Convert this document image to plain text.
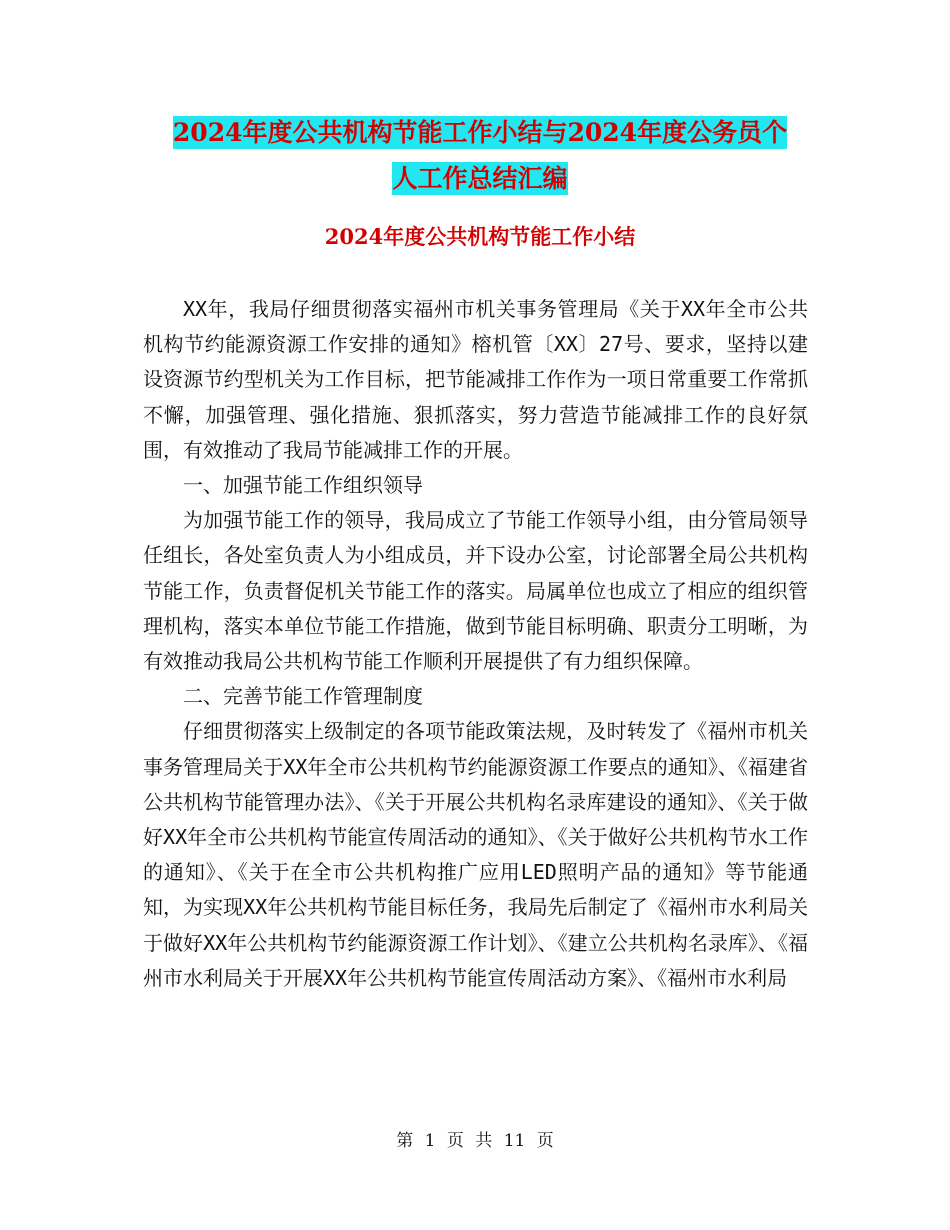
2024年度公共机构节能工作小结与2024年度公务员个
人工作总结汇编
2024年度公共机构节能工作小结

XX年，我局仔细贯彻落实福州市机关事务管理局《关于XX年全市公共机构节约能源资源工作安排的通知》榕机管〔XX〕27号、要求，坚持以建设资源节约型机关为工作目标，把节能减排工作作为一项日常重要工作常抓不懈，加强管理、强化措施、狠抓落实，努力营造节能减排工作的良好氛围，有效推动了我局节能减排工作的开展。

一、加强节能工作组织领导

为加强节能工作的领导，我局成立了节能工作领导小组，由分管局领导任组长，各处室负责人为小组成员，并下设办公室，讨论部署全局公共机构节能工作，负责督促机关节能工作的落实。局属单位也成立了相应的组织管理机构，落实本单位节能工作措施，做到节能目标明确、职责分工明晰，为有效推动我局公共机构节能工作顺利开展提供了有力组织保障。

二、完善节能工作管理制度

仔细贯彻落实上级制定的各项节能政策法规，及时转发了《福州市机关事务管理局关于XX年全市公共机构节约能源资源工作要点的通知》、《福建省公共机构节能管理办法》、《关于开展公共机构名录库建设的通知》、《关于做好XX年全市公共机构节能宣传周活动的通知》、《关于做好公共机构节水工作的通知》、《关于在全市公共机构推广应用LED照明产品的通知》等节能通知，为实现XX年公共机构节能目标任务，我局先后制定了《福州市水利局关于做好XX年公共机构节约能源资源工作计划》、《建立公共机构名录库》、《福州市水利局关于开展XX年公共机构节能宣传周活动方案》、《福州市水利局

第 1 页 共 11 页
